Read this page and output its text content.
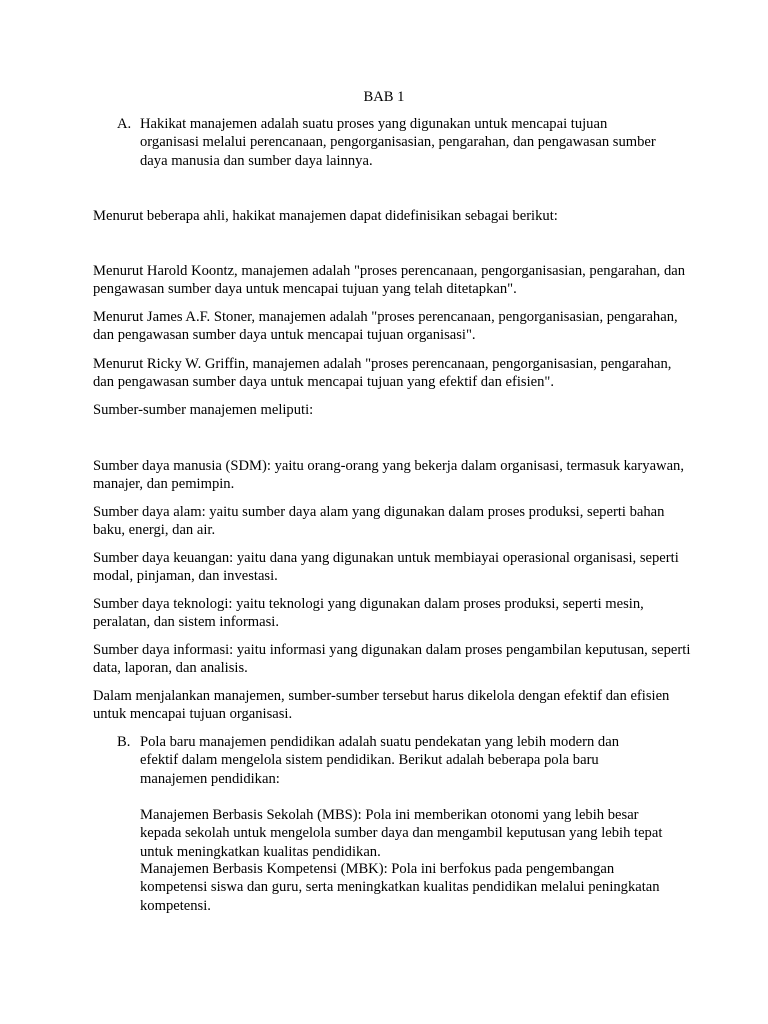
BAB 1
A. Hakikat manajemen adalah suatu proses yang digunakan untuk mencapai tujuan organisasi melalui perencanaan, pengorganisasian, pengarahan, dan pengawasan sumber daya manusia dan sumber daya lainnya.
Menurut beberapa ahli, hakikat manajemen dapat didefinisikan sebagai berikut:
Menurut Harold Koontz, manajemen adalah "proses perencanaan, pengorganisasian, pengarahan, dan pengawasan sumber daya untuk mencapai tujuan yang telah ditetapkan".
Menurut James A.F. Stoner, manajemen adalah "proses perencanaan, pengorganisasian, pengarahan, dan pengawasan sumber daya untuk mencapai tujuan organisasi".
Menurut Ricky W. Griffin, manajemen adalah "proses perencanaan, pengorganisasian, pengarahan, dan pengawasan sumber daya untuk mencapai tujuan yang efektif dan efisien".
Sumber-sumber manajemen meliputi:
Sumber daya manusia (SDM): yaitu orang-orang yang bekerja dalam organisasi, termasuk karyawan, manajer, dan pemimpin.
Sumber daya alam: yaitu sumber daya alam yang digunakan dalam proses produksi, seperti bahan baku, energi, dan air.
Sumber daya keuangan: yaitu dana yang digunakan untuk membiayai operasional organisasi, seperti modal, pinjaman, dan investasi.
Sumber daya teknologi: yaitu teknologi yang digunakan dalam proses produksi, seperti mesin, peralatan, dan sistem informasi.
Sumber daya informasi: yaitu informasi yang digunakan dalam proses pengambilan keputusan, seperti data, laporan, dan analisis.
Dalam menjalankan manajemen, sumber-sumber tersebut harus dikelola dengan efektif dan efisien untuk mencapai tujuan organisasi.
B. Pola baru manajemen pendidikan adalah suatu pendekatan yang lebih modern dan efektif dalam mengelola sistem pendidikan. Berikut adalah beberapa pola baru manajemen pendidikan:
Manajemen Berbasis Sekolah (MBS): Pola ini memberikan otonomi yang lebih besar kepada sekolah untuk mengelola sumber daya dan mengambil keputusan yang lebih tepat untuk meningkatkan kualitas pendidikan.
Manajemen Berbasis Kompetensi (MBK): Pola ini berfokus pada pengembangan kompetensi siswa dan guru, serta meningkatkan kualitas pendidikan melalui peningkatan kompetensi.
